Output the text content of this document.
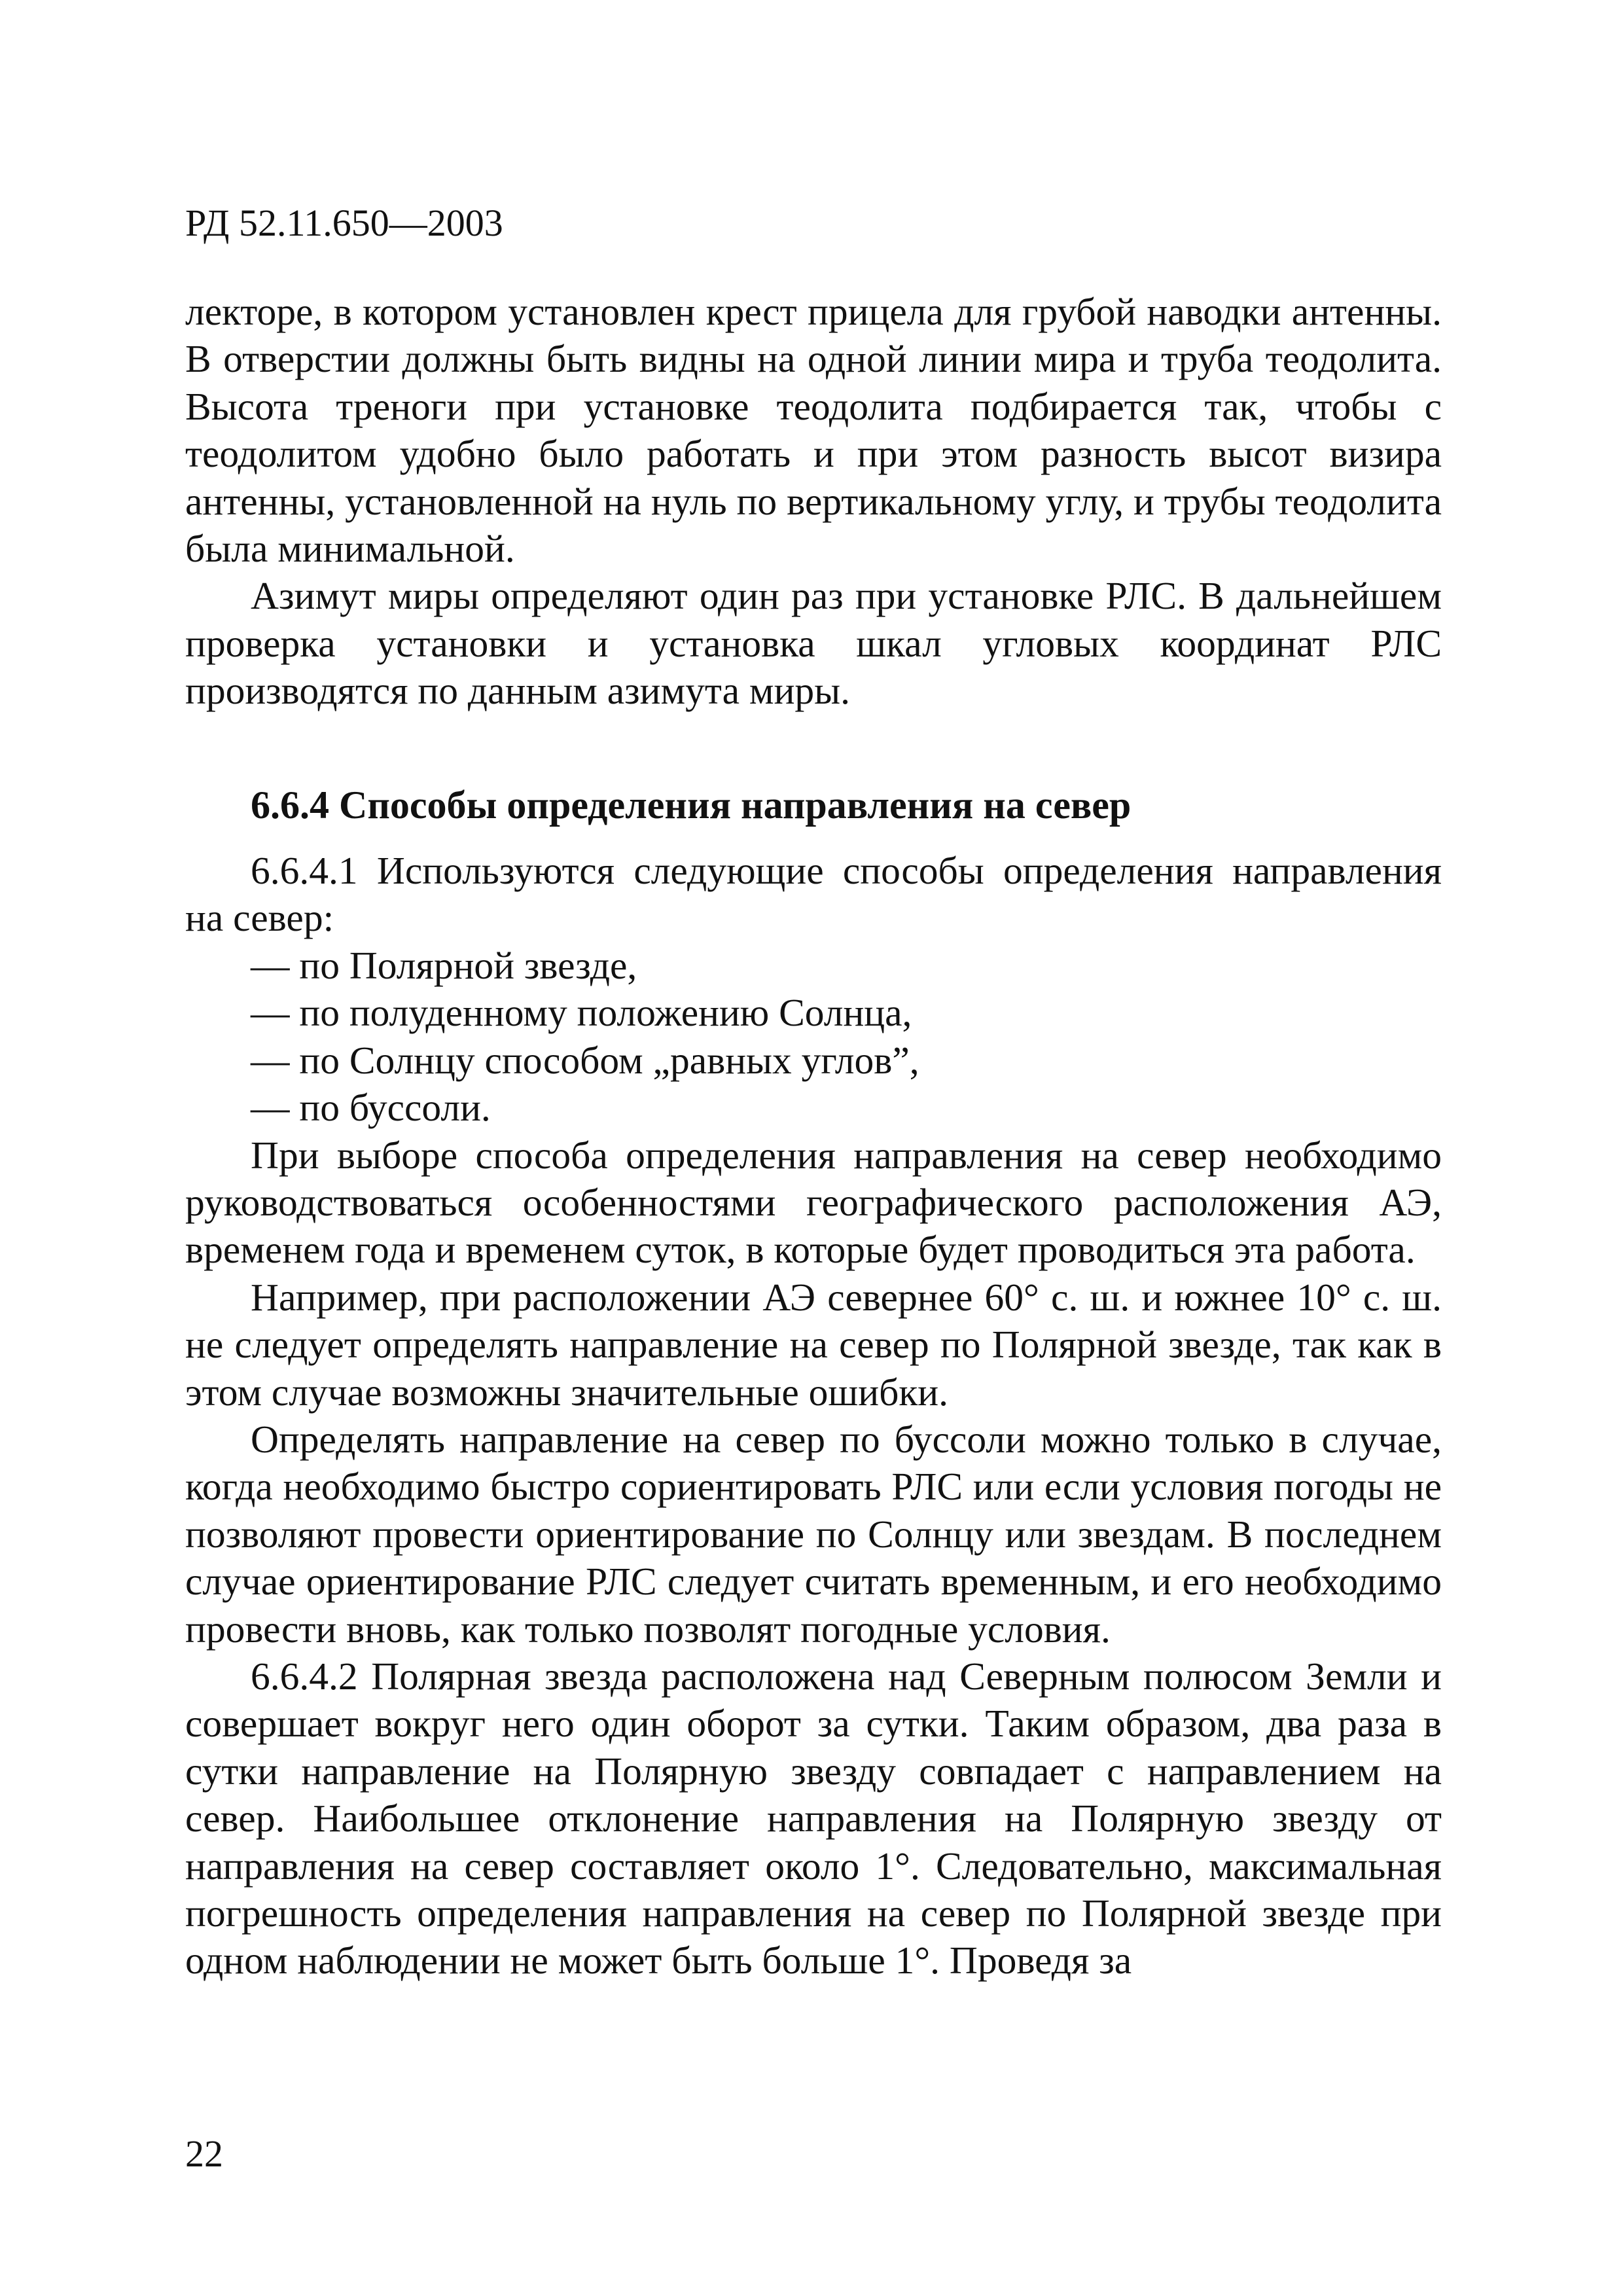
РД 52.11.650—2003

лекторе, в котором установлен крест прицела для грубой наводки антенны. В отверстии должны быть видны на одной линии мира и труба теодолита. Высота треноги при установке теодолита подбирается так, чтобы с теодолитом удобно было работать и при этом разность высот визира антенны, установленной на нуль по вертикальному углу, и трубы теодолита была минимальной.

Азимут миры определяют один раз при установке РЛС. В дальнейшем проверка установки и установка шкал угловых координат РЛС производятся по данным азимута миры.

6.6.4 Способы определения направления на север

6.6.4.1 Используются следующие способы определения направления на север:

— по Полярной звезде,

— по полуденному положению Солнца,

— по Солнцу способом „равных углов”,

— по буссоли.

При выборе способа определения направления на север необходимо руководствоваться особенностями географического расположения АЭ, временем года и временем суток, в которые будет проводиться эта работа.

Например, при расположении АЭ севернее 60° с. ш. и южнее 10° с. ш. не следует определять направление на север по Полярной звезде, так как в этом случае возможны значительные ошибки.

Определять направление на север по буссоли можно только в случае, когда необходимо быстро сориентировать РЛС или если условия погоды не позволяют провести ориентирование по Солнцу или звездам. В последнем случае ориентирование РЛС следует считать временным, и его необходимо провести вновь, как только позволят погодные условия.

6.6.4.2 Полярная звезда расположена над Северным полюсом Земли и совершает вокруг него один оборот за сутки. Таким образом, два раза в сутки направление на Полярную звезду совпадает с направлением на север. Наибольшее отклонение направления на Полярную звезду от направления на север составляет около 1°. Следовательно, максимальная погрешность определения направления на север по Полярной звезде при одном наблюдении не может быть больше 1°. Проведя за

22
